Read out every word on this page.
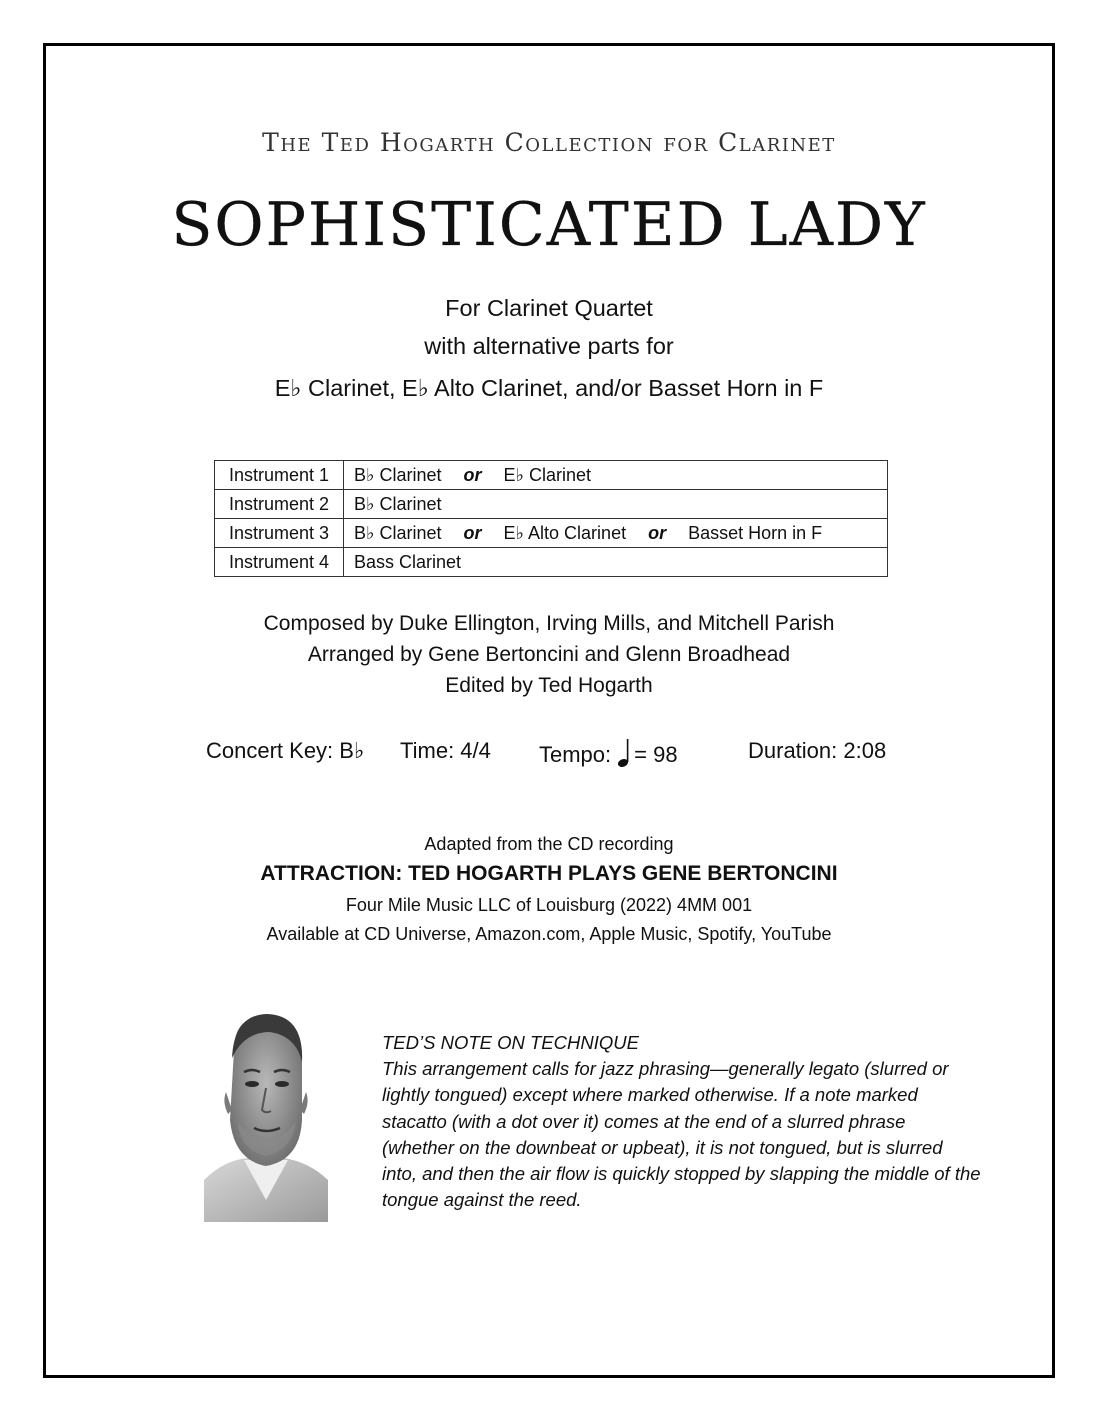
The Ted Hogarth Collection for Clarinet
SOPHISTICATED LADY
For Clarinet Quartet
with alternative parts for
E♭ Clarinet, E♭ Alto Clarinet, and/or Basset Horn in F
Instrument 1	B♭ Clarinet or E♭ Clarinet
Instrument 2	B♭ Clarinet
Instrument 3	B♭ Clarinet or E♭ Alto Clarinet or Basset Horn in F
Instrument 4	Bass Clarinet
Composed by Duke Ellington, Irving Mills, and Mitchell Parish
Arranged by Gene Bertoncini and Glenn Broadhead
Edited by Ted Hogarth
Concert Key: B♭ Time: 4/4 Tempo: = 98	Duration: 2:08
Adapted from the CD recording
ATTRACTION: TED HOGARTH PLAYS GENE BERTONCINI
Four Mile Music LLC of Louisburg (2022) 4MM 001
Available at CD Universe, Amazon.com, Apple Music, Spotify, YouTube
TED’S NOTE ON TECHNIQUE
This arrangement calls for jazz phrasing—generally legato (slurred or lightly tongued) except where marked otherwise. If a note marked stacatto (with a dot over it) comes at the end of a slurred phrase (whether on the downbeat or upbeat), it is not tongued, but is slurred into, and then the air flow is quickly stopped by slapping the middle of the tongue against the reed.
